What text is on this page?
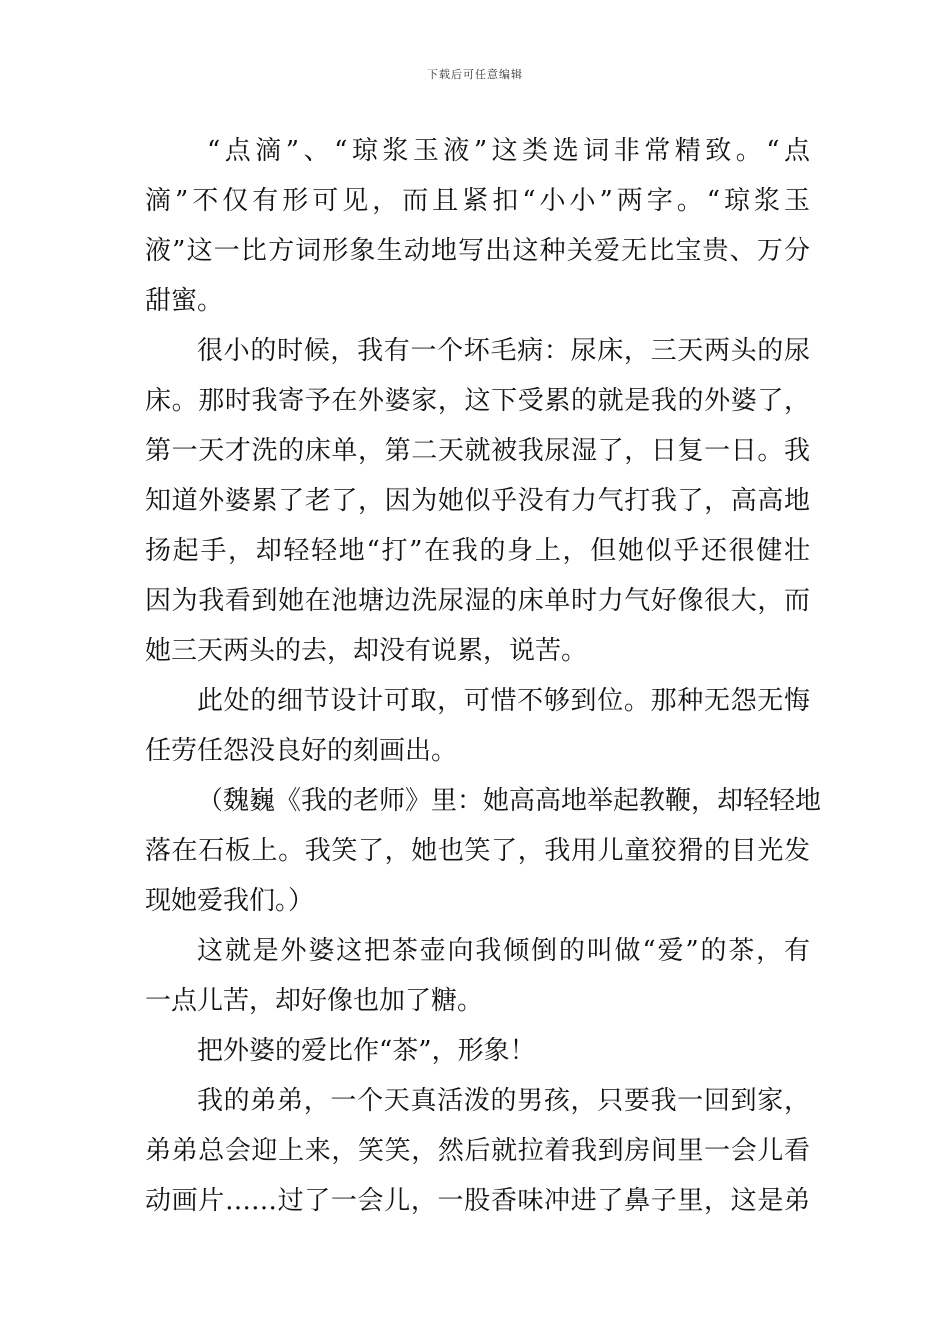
下载后可任意编辑
“点滴”、“琼浆玉液”这类选词非常精致。“点
滴”不仅有形可见，而且紧扣“小小”两字。“琼浆玉
液”这一比方词形象生动地写出这种关爱无比宝贵、万分
甜蜜。
很小的时候，我有一个坏毛病：尿床，三天两头的尿
床。那时我寄予在外婆家，这下受累的就是我的外婆了，
第一天才洗的床单，第二天就被我尿湿了，日复一日。我
知道外婆累了老了，因为她似乎没有力气打我了，高高地
扬起手，却轻轻地“打”在我的身上，但她似乎还很健壮
因为我看到她在池塘边洗尿湿的床单时力气好像很大，而
她三天两头的去，却没有说累，说苦。
此处的细节设计可取，可惜不够到位。那种无怨无悔
任劳任怨没良好的刻画出。
（魏巍《我的老师》里：她高高地举起教鞭，却轻轻地
落在石板上。我笑了，她也笑了，我用儿童狡猾的目光发
现她爱我们。）
这就是外婆这把茶壶向我倾倒的叫做“爱”的茶，有
一点儿苦，却好像也加了糖。
把外婆的爱比作“茶”，形象！
我的弟弟，一个天真活泼的男孩，只要我一回到家，
弟弟总会迎上来，笑笑，然后就拉着我到房间里一会儿看
动画片……过了一会儿，一股香味冲进了鼻子里，这是弟
